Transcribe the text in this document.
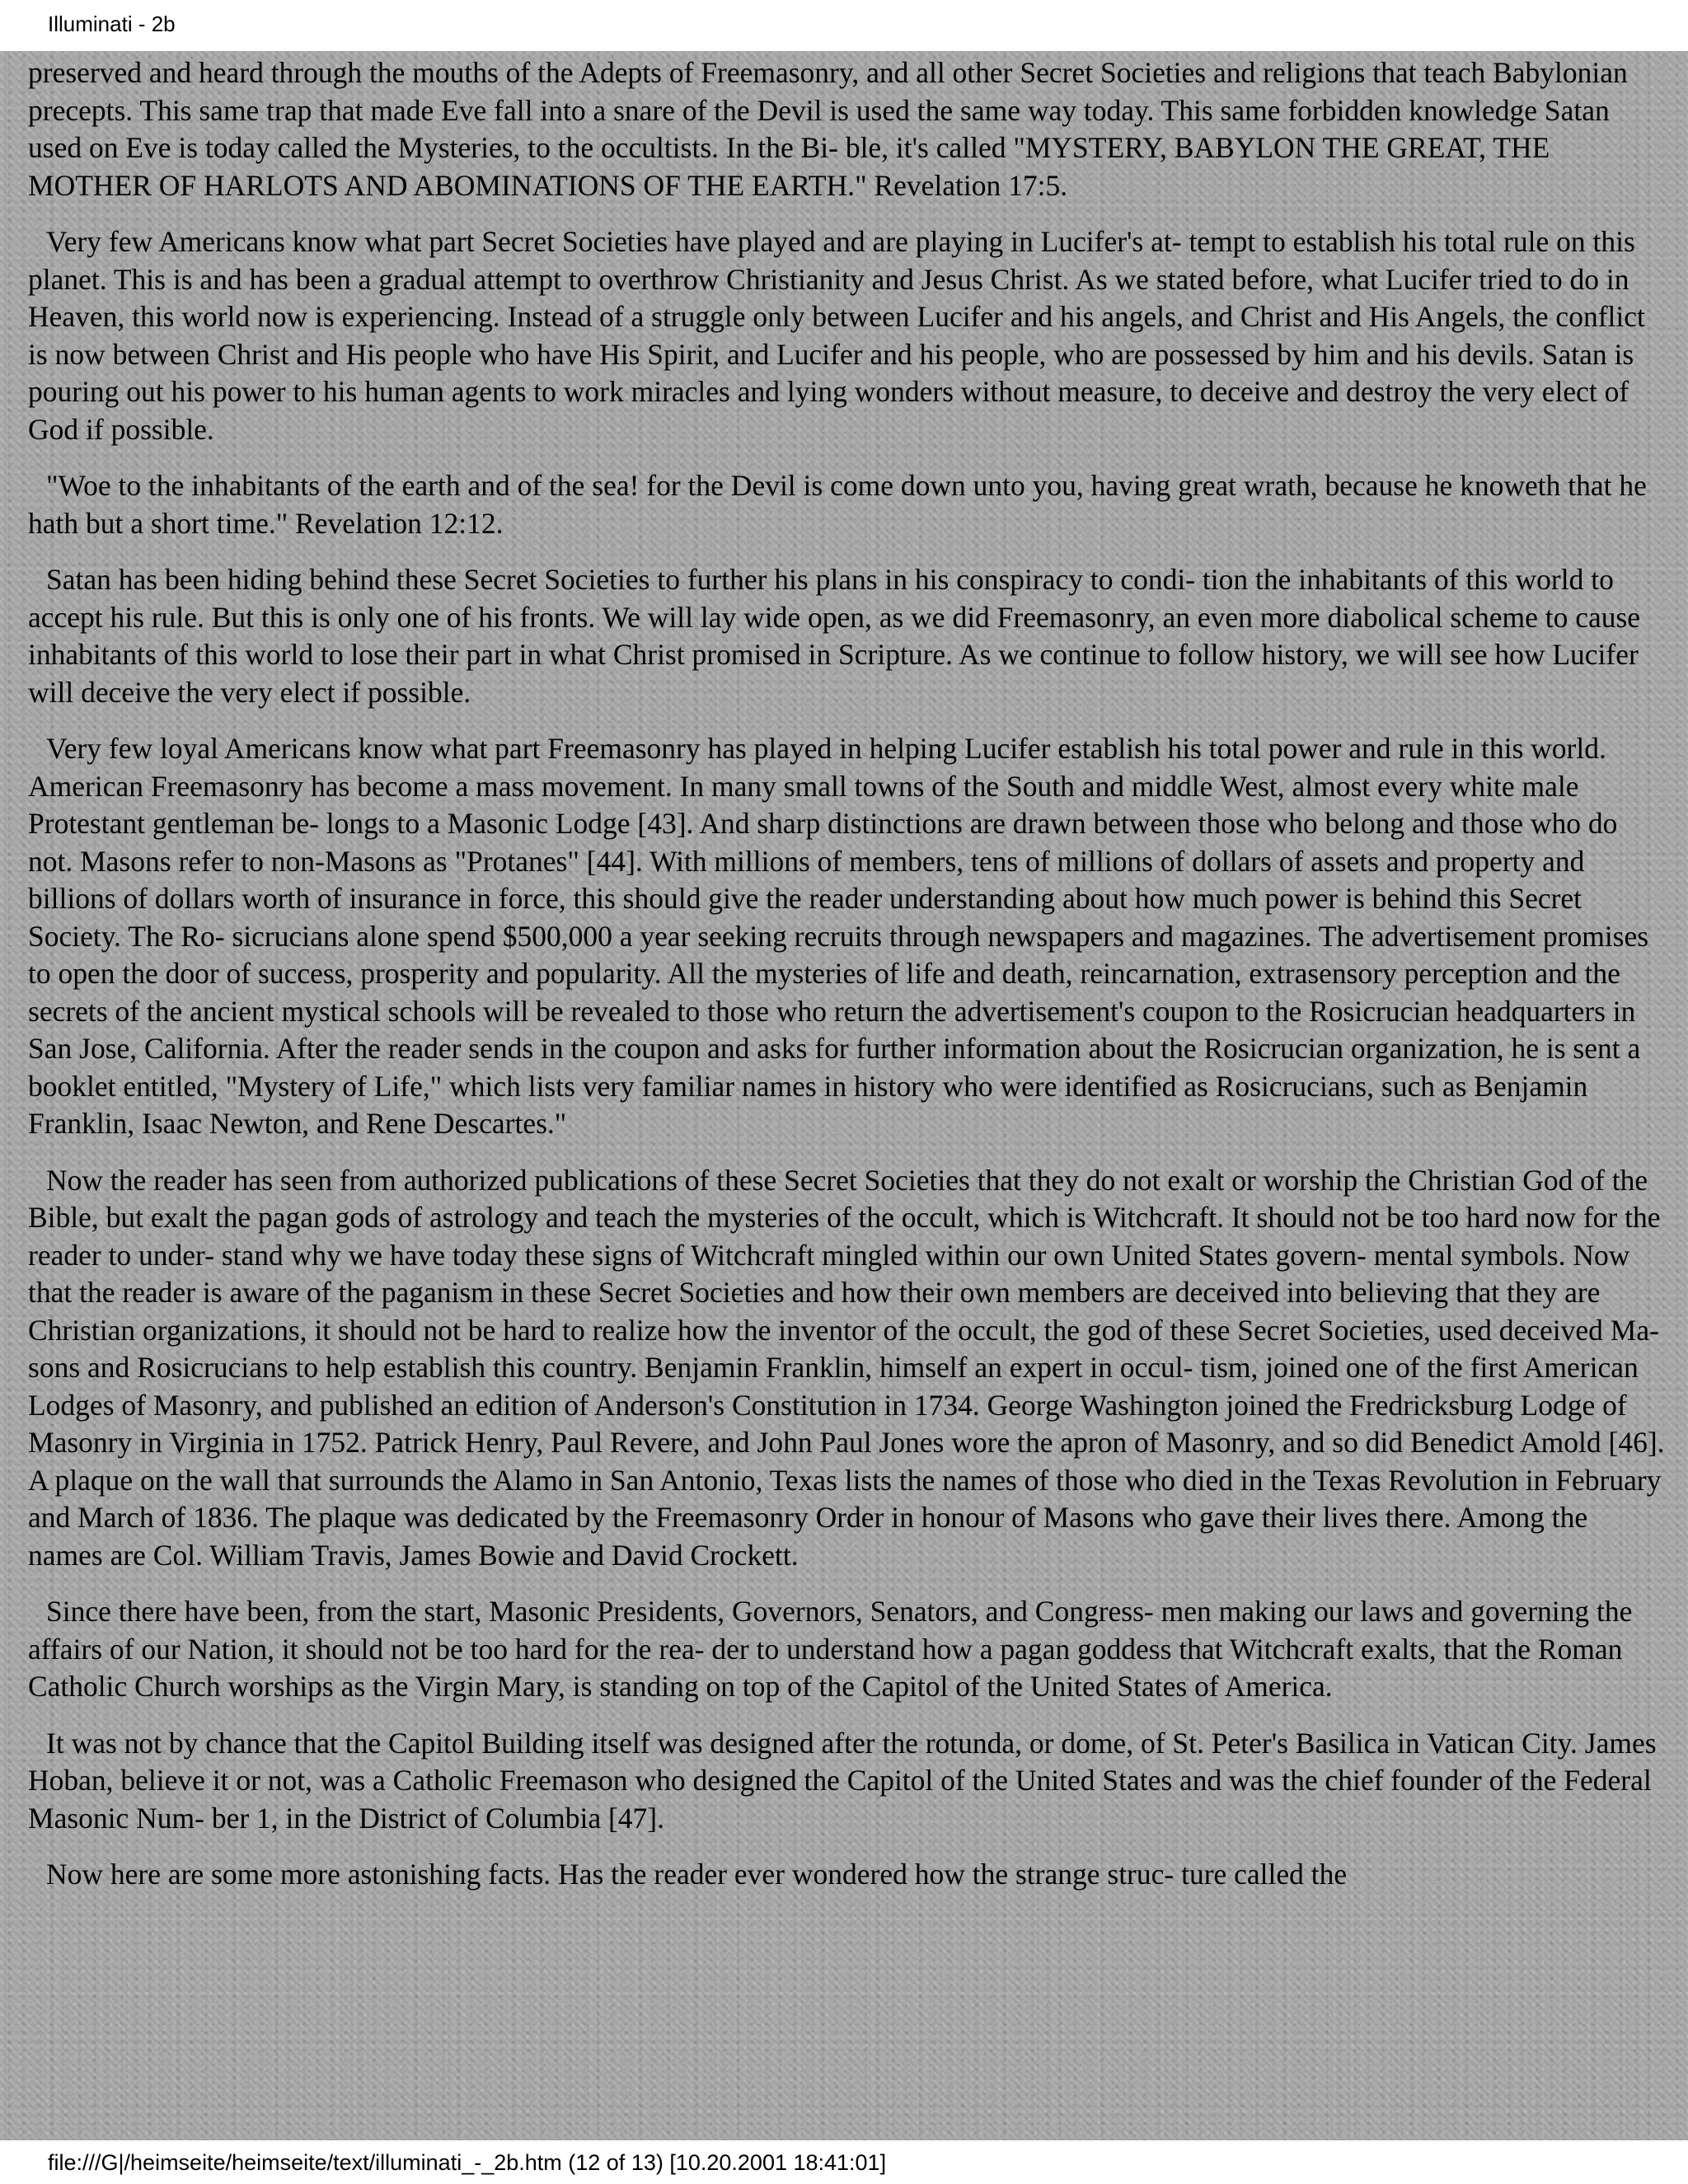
Illuminati - 2b

preserved and heard through the mouths of the Adepts of Freemasonry, and all other Secret Societies and religions that teach Babylonian precepts. This same trap that made Eve fall into a snare of the Devil is used the same way today. This same forbidden knowledge Satan used on Eve is today called the Mysteries, to the occultists. In the Bi- ble, it's called "MYSTERY, BABYLON THE GREAT, THE MOTHER OF HARLOTS AND ABOMINATIONS OF THE EARTH." Revelation 17:5.

Very few Americans know what part Secret Societies have played and are playing in Lucifer's at- tempt to establish his total rule on this planet. This is and has been a gradual attempt to overthrow Christianity and Jesus Christ. As we stated before, what Lucifer tried to do in Heaven, this world now is experiencing. Instead of a struggle only between Lucifer and his angels, and Christ and His Angels, the conflict is now between Christ and His people who have His Spirit, and Lucifer and his people, who are possessed by him and his devils. Satan is pouring out his power to his human agents to work miracles and lying wonders without measure, to deceive and destroy the very elect of God if possible.

"Woe to the inhabitants of the earth and of the sea! for the Devil is come down unto you, having great wrath, because he knoweth that he hath but a short time." Revelation 12:12.

Satan has been hiding behind these Secret Societies to further his plans in his conspiracy to condi- tion the inhabitants of this world to accept his rule. But this is only one of his fronts. We will lay wide open, as we did Freemasonry, an even more diabolical scheme to cause inhabitants of this world to lose their part in what Christ promised in Scripture. As we continue to follow history, we will see how Lucifer will deceive the very elect if possible.

Very few loyal Americans know what part Freemasonry has played in helping Lucifer establish his total power and rule in this world. American Freemasonry has become a mass movement. In many small towns of the South and middle West, almost every white male Protestant gentleman be- longs to a Masonic Lodge [43]. And sharp distinctions are drawn between those who belong and those who do not. Masons refer to non-Masons as "Protanes" [44]. With millions of members, tens of millions of dollars of assets and property and billions of dollars worth of insurance in force, this should give the reader understanding about how much power is behind this Secret Society. The Ro- sicrucians alone spend $500,000 a year seeking recruits through newspapers and magazines. The advertisement promises to open the door of success, prosperity and popularity. All the mysteries of life and death, reincarnation, extrasensory perception and the secrets of the ancient mystical schools will be revealed to those who return the advertisement's coupon to the Rosicrucian headquarters in San Jose, California. After the reader sends in the coupon and asks for further information about the Rosicrucian organization, he is sent a booklet entitled, "Mystery of Life," which lists very familiar names in history who were identified as Rosicrucians, such as Benjamin Franklin, Isaac Newton, and Rene Descartes."

Now the reader has seen from authorized publications of these Secret Societies that they do not exalt or worship the Christian God of the Bible, but exalt the pagan gods of astrology and teach the mysteries of the occult, which is Witchcraft. It should not be too hard now for the reader to under- stand why we have today these signs of Witchcraft mingled within our own United States govern- mental symbols. Now that the reader is aware of the paganism in these Secret Societies and how their own members are deceived into believing that they are Christian organizations, it should not be hard to realize how the inventor of the occult, the god of these Secret Societies, used deceived Ma- sons and Rosicrucians to help establish this country. Benjamin Franklin, himself an expert in occul- tism, joined one of the first American Lodges of Masonry, and published an edition of Anderson's Constitution in 1734. George Washington joined the Fredricksburg Lodge of Masonry in Virginia in 1752. Patrick Henry, Paul Revere, and John Paul Jones wore the apron of Masonry, and so did Benedict Amold [46]. A plaque on the wall that surrounds the Alamo in San Antonio, Texas lists the names of those who died in the Texas Revolution in February and March of 1836. The plaque was dedicated by the Freemasonry Order in honour of Masons who gave their lives there. Among the names are Col. William Travis, James Bowie and David Crockett.

Since there have been, from the start, Masonic Presidents, Governors, Senators, and Congress- men making our laws and governing the affairs of our Nation, it should not be too hard for the rea- der to understand how a pagan goddess that Witchcraft exalts, that the Roman Catholic Church worships as the Virgin Mary, is standing on top of the Capitol of the United States of America.

It was not by chance that the Capitol Building itself was designed after the rotunda, or dome, of St. Peter's Basilica in Vatican City. James Hoban, believe it or not, was a Catholic Freemason who designed the Capitol of the United States and was the chief founder of the Federal Masonic Num- ber 1, in the District of Columbia [47].

Now here are some more astonishing facts. Has the reader ever wondered how the strange struc- ture called the

file:///G|/heimseite/heimseite/text/illuminati_-_2b.htm (12 of 13) [10.20.2001 18:41:01]
